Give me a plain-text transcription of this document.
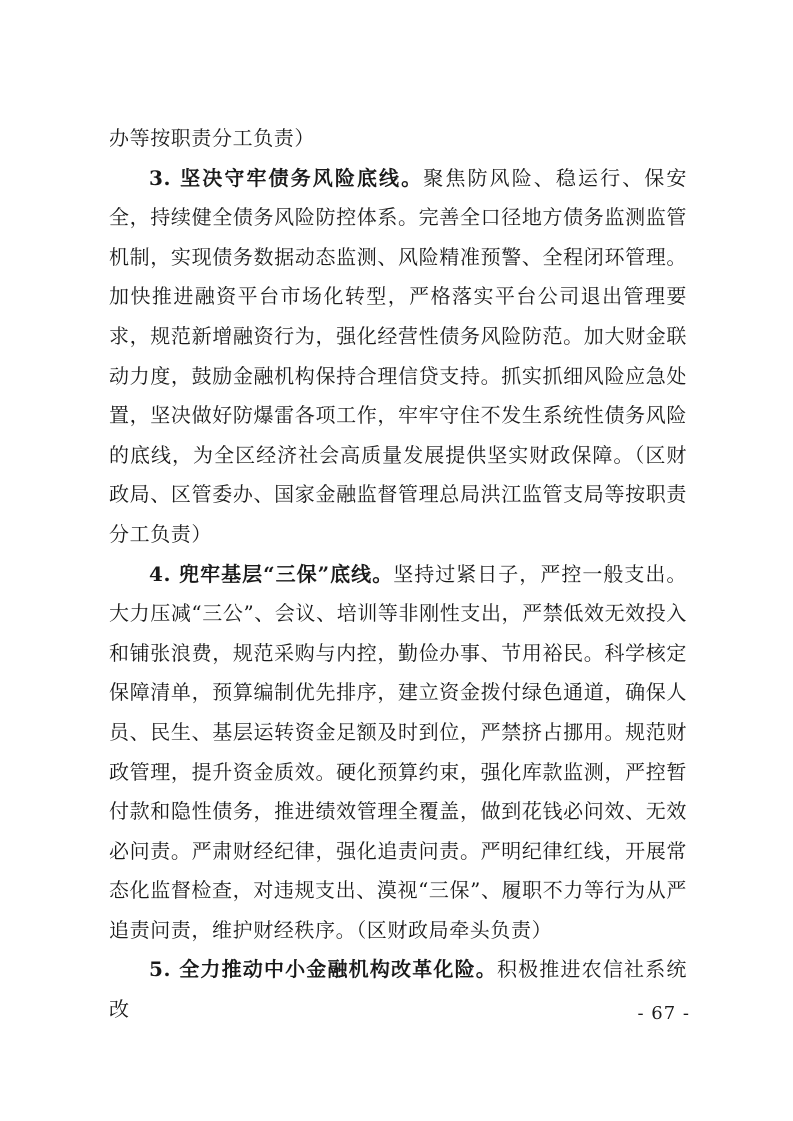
办等按职责分工负责）

3. 坚决守牢债务风险底线。聚焦防风险、稳运行、保安全，持续健全债务风险防控体系。完善全口径地方债务监测监管机制，实现债务数据动态监测、风险精准预警、全程闭环管理。加快推进融资平台市场化转型，严格落实平台公司退出管理要求，规范新增融资行为，强化经营性债务风险防范。加大财金联动力度，鼓励金融机构保持合理信贷支持。抓实抓细风险应急处置，坚决做好防爆雷各项工作，牢牢守住不发生系统性债务风险的底线，为全区经济社会高质量发展提供坚实财政保障。（区财政局、区管委办、国家金融监督管理总局洪江监管支局等按职责分工负责）

4. 兜牢基层“三保”底线。坚持过紧日子，严控一般支出。大力压减“三公”、会议、培训等非刚性支出，严禁低效无效投入和铺张浪费，规范采购与内控，勤俭办事、节用裕民。科学核定保障清单，预算编制优先排序，建立资金拨付绿色通道，确保人员、民生、基层运转资金足额及时到位，严禁挤占挪用。规范财政管理，提升资金质效。硬化预算约束，强化库款监测，严控暂付款和隐性债务，推进绩效管理全覆盖，做到花钱必问效、无效必问责。严肃财经纪律，强化追责问责。严明纪律红线，开展常态化监督检查，对违规支出、漠视“三保”、履职不力等行为从严追责问责，维护财经秩序。（区财政局牵头负责）

5. 全力推动中小金融机构改革化险。积极推进农信社系统改	- 67 -
